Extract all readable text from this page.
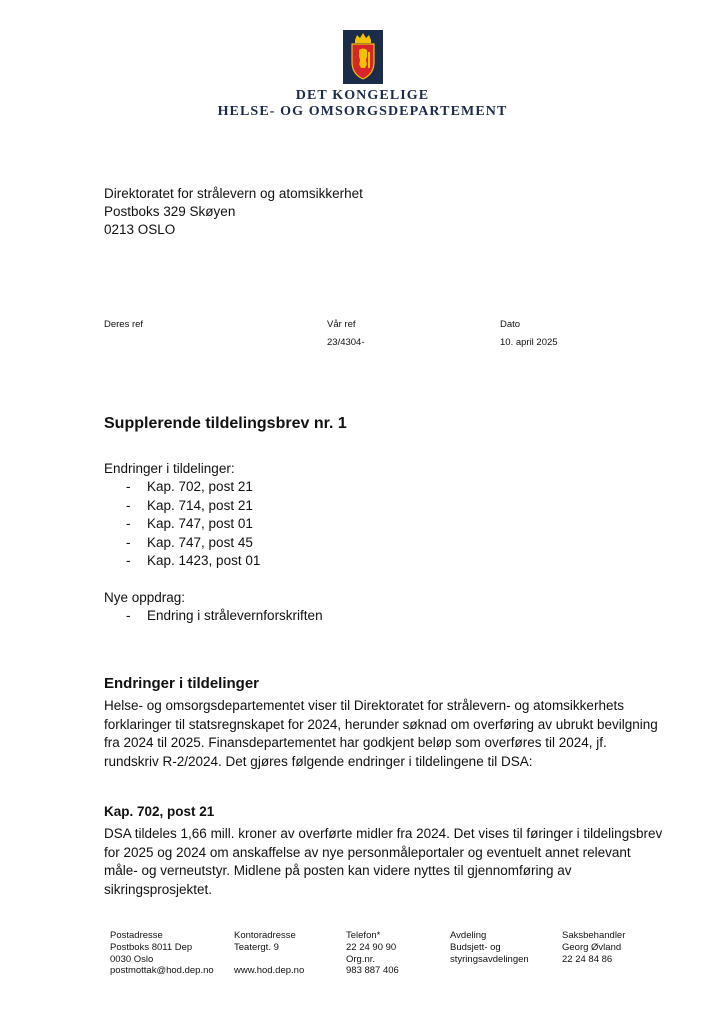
DET KONGELIGE
HELSE- OG OMSORGSDEPARTEMENT
Direktoratet for strålevern og atomsikkerhet
Postboks 329 Skøyen
0213 OSLO
Deres ref	Vår ref
23/4304-
Dato
10. april 2025
Supplerende tildelingsbrev nr. 1
Endringer i tildelinger:
- Kap. 702, post 21
- Kap. 714, post 21
- Kap. 747, post 01
- Kap. 747, post 45
- Kap. 1423, post 01
Nye oppdrag:
- Endring i strålevernforskriften
Endringer i tildelinger
Helse- og omsorgsdepartementet viser til Direktoratet for strålevern- og atomsikkerhets forklaringer til statsregnskapet for 2024, herunder søknad om overføring av ubrukt bevilgning fra 2024 til 2025. Finansdepartementet har godkjent beløp som overføres til 2024, jf. rundskriv R-2/2024. Det gjøres følgende endringer i tildelingene til DSA:
Kap. 702, post 21
DSA tildeles 1,66 mill. kroner av overførte midler fra 2024. Det vises til føringer i tildelingsbrev for 2025 og 2024 om anskaffelse av nye personmåleportaler og eventuelt annet relevant måle- og verneutstyr. Midlene på posten kan videre nyttes til gjennomføring av sikringsprosjektet.
Postadresse
Postboks 8011 Dep
0030 Oslo
postmottak@hod.dep.no
Kontoradresse
Teatergt. 9

www.hod.dep.no
Telefon*
22 24 90 90
Org.nr.
983 887 406
Avdeling
Budsjett- og
styringsavdelingen
Saksbehandler
Georg Øvland
22 24 84 86
